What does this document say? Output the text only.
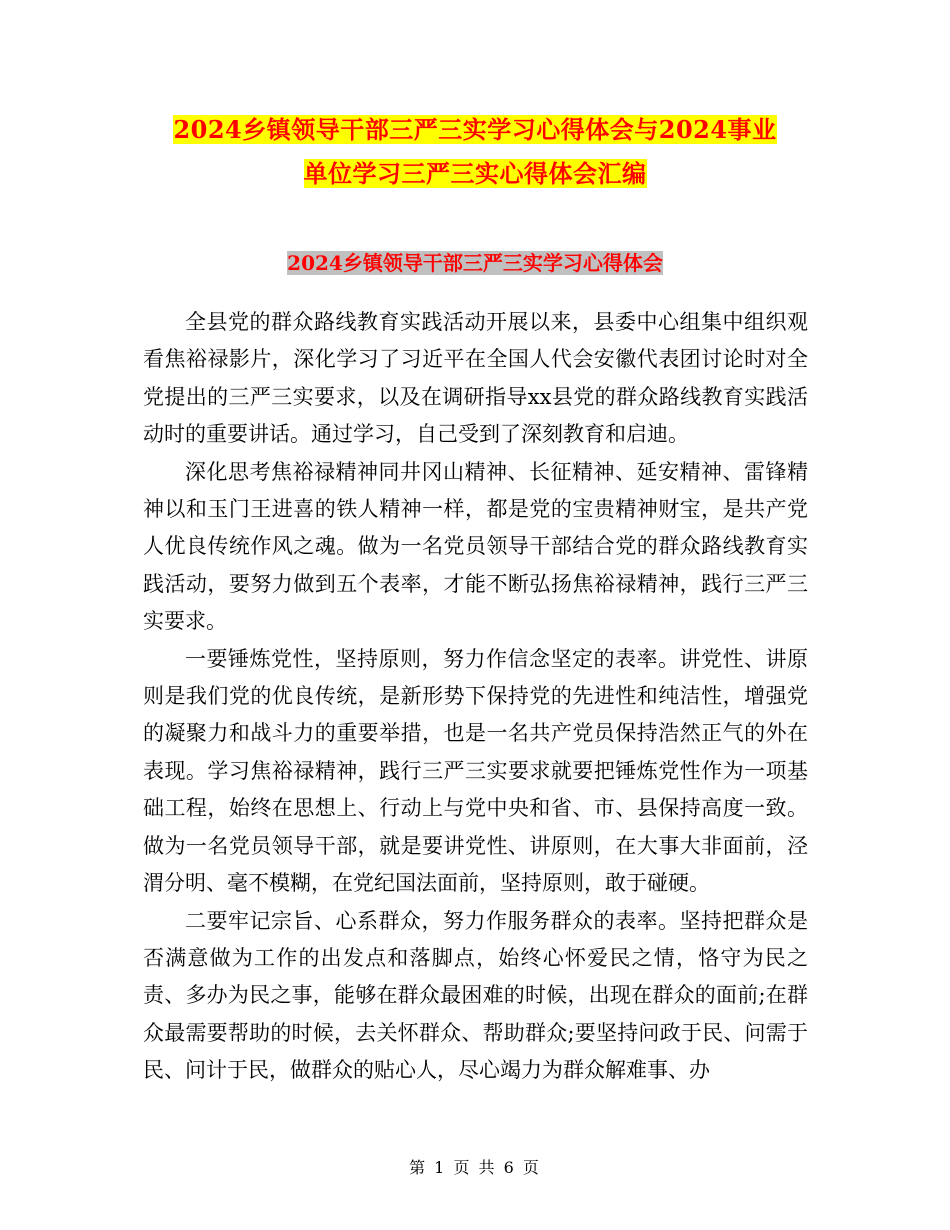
2024乡镇领导干部三严三实学习心得体会与2024事业
单位学习三严三实心得体会汇编
2024乡镇领导干部三严三实学习心得体会

全县党的群众路线教育实践活动开展以来，县委中心组集中组织观看焦裕禄影片，深化学习了习近平在全国人代会安徽代表团讨论时对全党提出的三严三实要求，以及在调研指导xx县党的群众路线教育实践活动时的重要讲话。通过学习，自己受到了深刻教育和启迪。

深化思考焦裕禄精神同井冈山精神、长征精神、延安精神、雷锋精神以和玉门王进喜的铁人精神一样，都是党的宝贵精神财宝，是共产党人优良传统作风之魂。做为一名党员领导干部结合党的群众路线教育实践活动，要努力做到五个表率，才能不断弘扬焦裕禄精神，践行三严三实要求。

一要锤炼党性，坚持原则，努力作信念坚定的表率。讲党性、讲原则是我们党的优良传统，是新形势下保持党的先进性和纯洁性，增强党的凝聚力和战斗力的重要举措，也是一名共产党员保持浩然正气的外在表现。学习焦裕禄精神，践行三严三实要求就要把锤炼党性作为一项基础工程，始终在思想上、行动上与党中央和省、市、县保持高度一致。做为一名党员领导干部，就是要讲党性、讲原则，在大事大非面前，泾渭分明、毫不模糊，在党纪国法面前，坚持原则，敢于碰硬。

二要牢记宗旨、心系群众，努力作服务群众的表率。坚持把群众是否满意做为工作的出发点和落脚点，始终心怀爱民之情，恪守为民之责、多办为民之事，能够在群众最困难的时候，出现在群众的面前;在群众最需要帮助的时候，去关怀群众、帮助群众;要坚持问政于民、问需于民、问计于民，做群众的贴心人，尽心竭力为群众解难事、办

第 1 页 共 6 页
